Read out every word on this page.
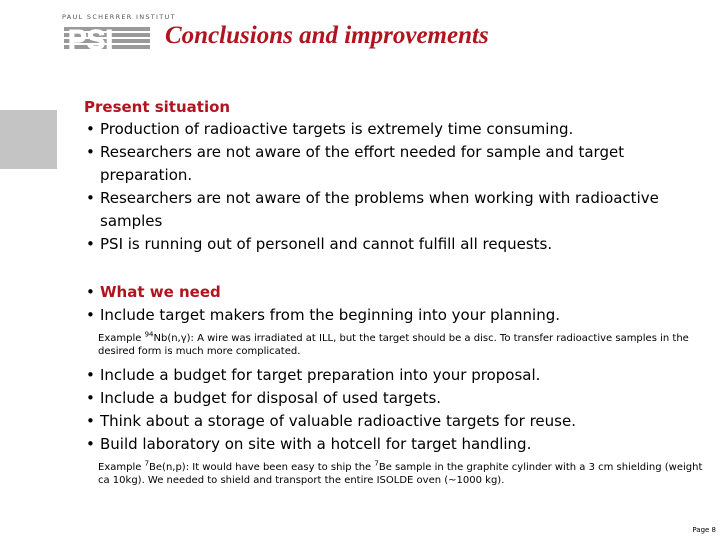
PAUL SCHERRER INSTITUT
PSI Conclusions and improvements
Present situation
• Production of radioactive targets is extremely time consuming.
• Researchers are not aware of the effort needed for sample and target preparation.
• Researchers are not aware of the problems when working with radioactive samples
• PSI is running out of personell and cannot fulfill all requests.
• What we need
• Include target makers from the beginning into your planning.
Example $^{94}$Nb(n,γ): A wire was irradiated at ILL, but the target should be a disc. To transfer radioactive samples in the desired form is much more complicated.
• Include a budget for target preparation into your proposal.
• Include a budget for disposal of used targets.
• Think about a storage of valuable radioactive targets for reuse.
• Build laboratory on site with a hotcell for target handling.
Example $^7$Be(n,p): It would have been easy to ship the $^7$Be sample in the graphite cylinder with a 3 cm shielding (weight ca 10kg). We needed to shield and transport the entire ISOLDE oven (~1000 kg).
Page 8
